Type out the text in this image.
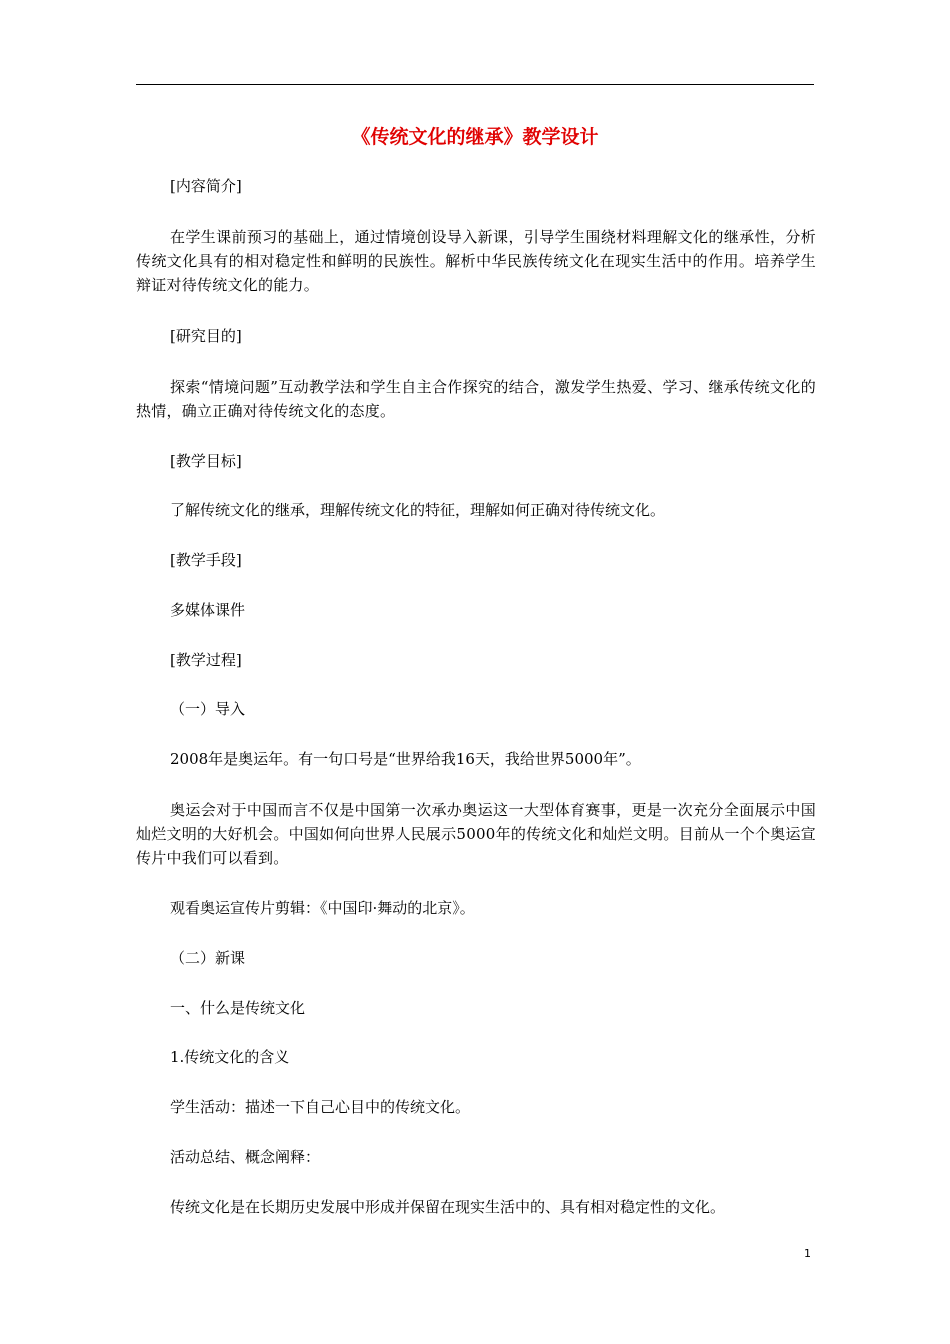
《传统文化的继承》教学设计

[内容简介]

在学生课前预习的基础上，通过情境创设导入新课，引导学生围绕材料理解文化的继承性，分析传统文化具有的相对稳定性和鲜明的民族性。解析中华民族传统文化在现实生活中的作用。培养学生辩证对待传统文化的能力。

[研究目的]

探索“情境问题”互动教学法和学生自主合作探究的结合，激发学生热爱、学习、继承传统文化的热情，确立正确对待传统文化的态度。

[教学目标]

了解传统文化的继承，理解传统文化的特征，理解如何正确对待传统文化。

[教学手段]

多媒体课件

[教学过程]

（一）导入

2008年是奥运年。有一句口号是“世界给我16天，我给世界5000年”。

奥运会对于中国而言不仅是中国第一次承办奥运这一大型体育赛事，更是一次充分全面展示中国灿烂文明的大好机会。中国如何向世界人民展示5000年的传统文化和灿烂文明。目前从一个个奥运宣传片中我们可以看到。

观看奥运宣传片剪辑：《中国印·舞动的北京》。

（二）新课

一、什么是传统文化

1.传统文化的含义

学生活动：描述一下自己心目中的传统文化。

活动总结、概念阐释：

传统文化是在长期历史发展中形成并保留在现实生活中的、具有相对稳定性的文化。

1
